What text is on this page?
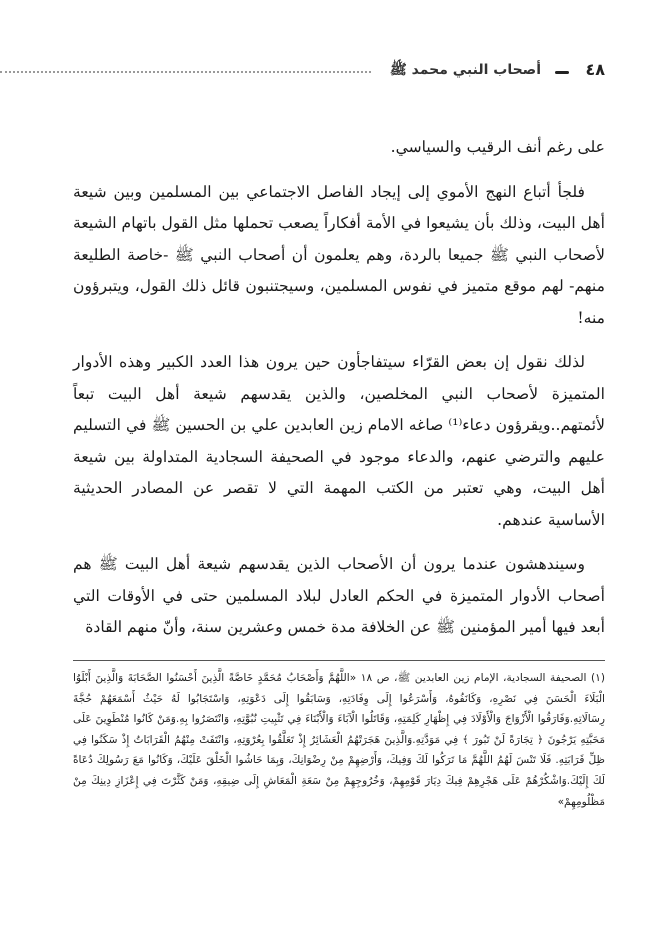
٤٨
أصحاب النبي محمد ﷺ

على رغم أنف الرقيب والسياسي.

فلجأ أتباع النهج الأموي إلى إيجاد الفاصل الاجتماعي بين المسلمين وبين شيعة أهل البيت، وذلك بأن يشيعوا في الأمة أفكاراً يصعب تحملها مثل القول باتهام الشيعة لأصحاب النبي ﷺ جميعا بالردة، وهم يعلمون أن أصحاب النبي ﷺ -خاصة الطليعة منهم- لهم موقع متميز في نفوس المسلمين، وسيجتنبون قائل ذلك القول، ويتبرؤون منه!

لذلك نقول إن بعض القرّاء سيتفاجأون حين يرون هذا العدد الكبير وهذه الأدوار المتميزة لأصحاب النبي المخلصين، والذين يقدسهم شيعة أهل البيت تبعاً لأئمتهم..ويقرؤون دعاء⁽¹⁾ صاغه الامام زين العابدين علي بن الحسين ﷺ في التسليم عليهم والترضي عنهم، والدعاء موجود في الصحيفة السجادية المتداولة بين شيعة أهل البيت، وهي تعتبر من الكتب المهمة التي لا تقصر عن المصادر الحديثية الأساسية عندهم.

وسيندهشون عندما يرون أن الأصحاب الذين يقدسهم شيعة أهل البيت ﷺ هم أصحاب الأدوار المتميزة في الحكم العادل لبلاد المسلمين حتى في الأوقات التي أبعد فيها أمير المؤمنين ﷺ عن الخلافة مدة خمس وعشرين سنة، وأنّ منهم القادة

(١) الصحيفة السجادية، الإمام زين العابدين ﷺ، ص ١٨ «اللَّهُمَّ وَأَصْحَابُ مُحَمَّدٍ خَاصَّةً الَّذِينَ أَحْسَنُوا الصَّحَابَةَ وَالَّذِينَ أَبْلَوُا الْبَلَاءَ الْحَسَنَ فِي نَصْرِهِ، وَكَانَفُوهُ، وَأَسْرَعُوا إِلَى وِفَادَتِهِ، وَسَابَقُوا إِلَى دَعْوَتِهِ، وَاسْتَجَابُوا لَهُ حَيْثُ أَسْمَعَهُمْ حُجَّةَ رِسَالَاتِهِ.وَفَارَقُوا الْأَزْوَاجَ وَالْأَوْلَادَ فِي إِظْهَارِ كَلِمَتِهِ، وَقَاتَلُوا الْآبَاءَ وَالْأَبْنَاءَ فِي تَثْبِيتِ نُبُوَّتِهِ، وَانْتَصَرُوا بِهِ.وَمَنْ كَانُوا مُنْطَوِينَ عَلَى مَحَبَّتِهِ يَرْجُونَ ﴿ تِجَارَةً لَنْ تَبُورَ ﴾ فِي مَوَدَّتِهِ.وَالَّذِينَ هَجَرَتْهُمُ الْعَشَائِرُ إِذْ تَعَلَّقُوا بِعُرْوَتِهِ، وَانْتَفَتْ مِنْهُمُ الْقَرَابَاتُ إِذْ سَكَنُوا فِي ظِلِّ قَرَابَتِهِ. فَلَا تَنْسَ لَهُمُ اللَّهُمَّ مَا تَرَكُوا لَكَ وَفِيكَ، وَأَرْضِهِمْ مِنْ رِضْوَانِكَ، وَبِمَا حَاشُوا الْخَلْقَ عَلَيْكَ، وَكَانُوا مَعَ رَسُولِكَ دُعَاةً لَكَ إِلَيْكَ.وَاشْكُرْهُمْ عَلَى هَجْرِهِمْ فِيكَ دِيَارَ قَوْمِهِمْ، وَخُرُوجِهِمْ مِنْ سَعَةِ الْمَعَاشِ إِلَى ضِيقِهِ، وَمَنْ كَثَّرْتَ فِي إِعْزَازِ دِينِكَ مِنْ مَظْلُومِهِمْ»
